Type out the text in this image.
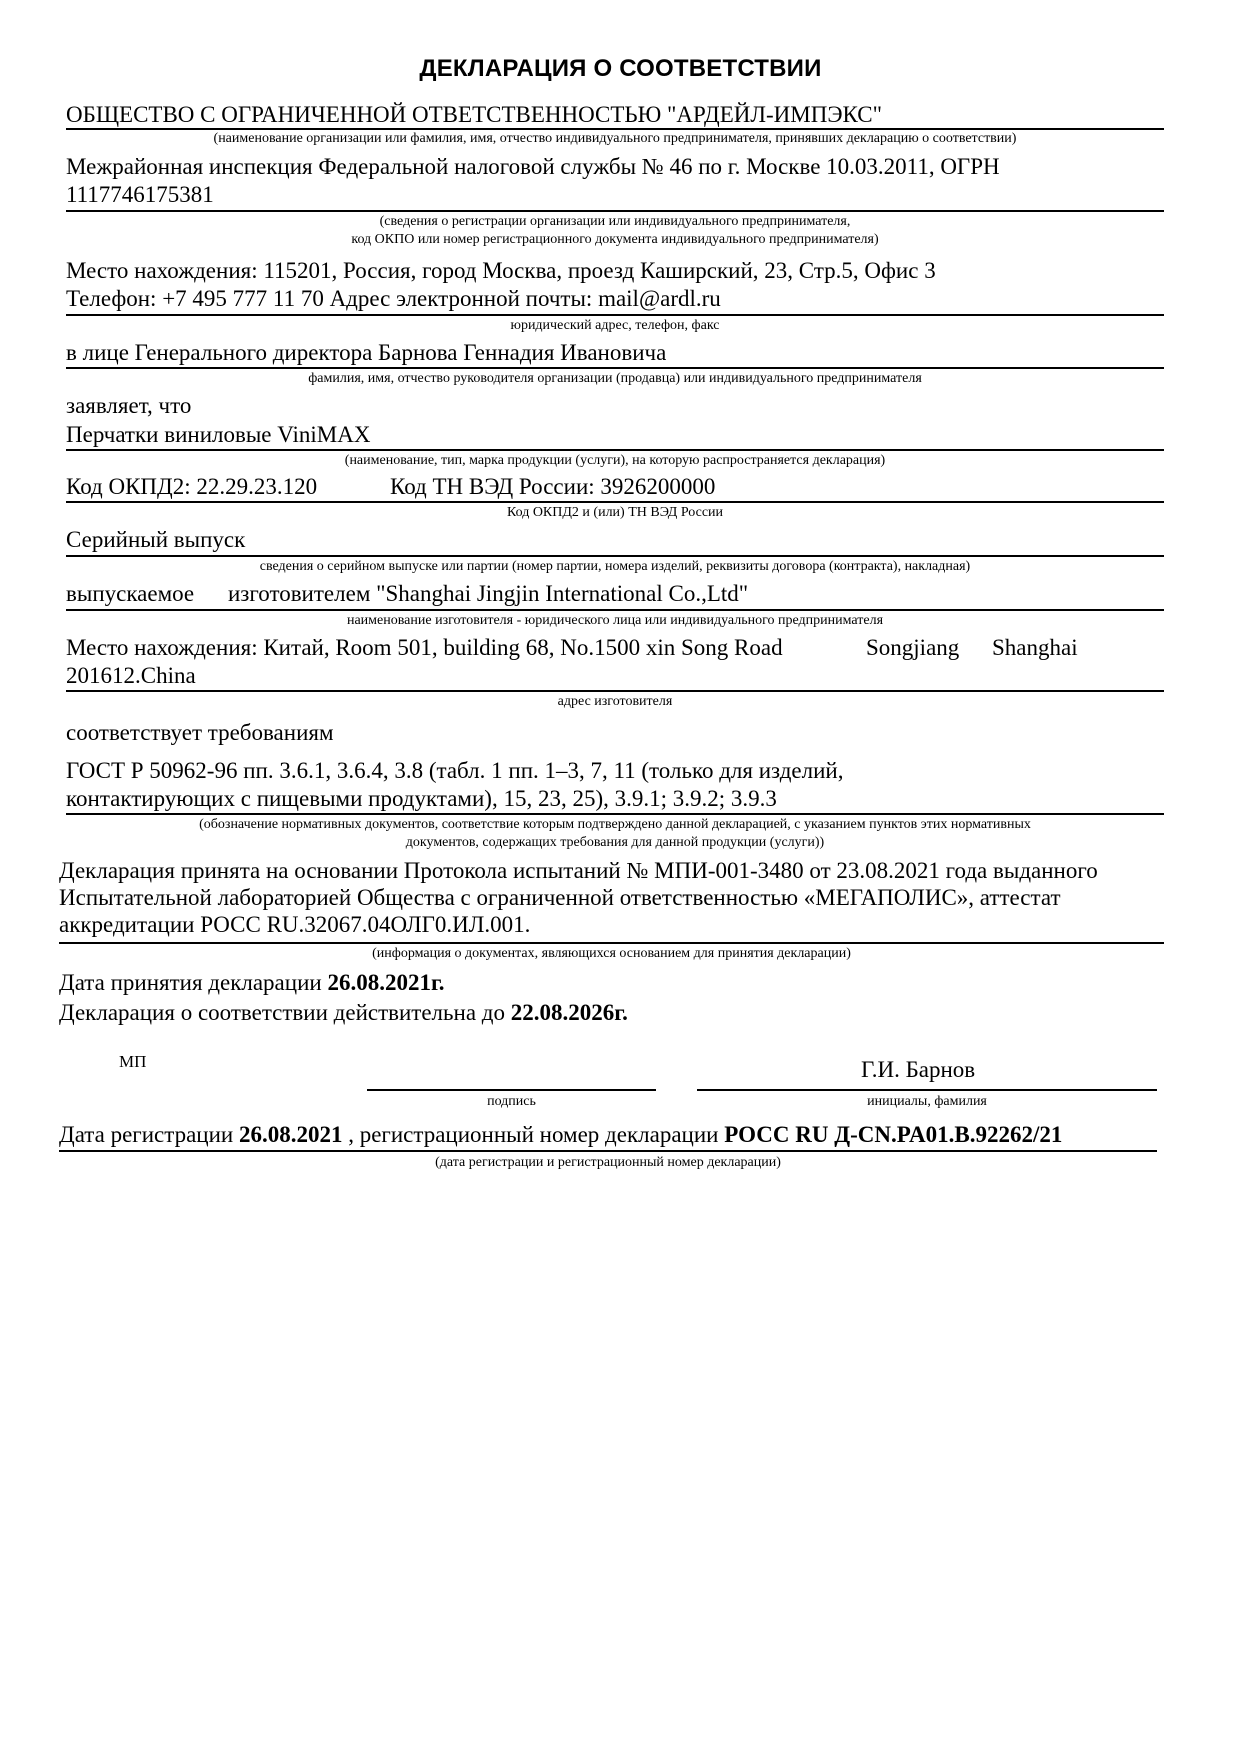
ДЕКЛАРАЦИЯ О СООТВЕТСТВИИ
ОБЩЕСТВО С ОГРАНИЧЕННОЙ ОТВЕТСТВЕННОСТЬЮ "АРДЕЙЛ-ИМПЭКС"
(наименование организации или фамилия, имя, отчество индивидуального предпринимателя, принявших декларацию о соответствии)
Межрайонная инспекция Федеральной налоговой службы № 46 по г. Москве 10.03.2011, ОГРН
1117746175381
(сведения о регистрации организации или индивидуального предпринимателя,
код ОКПО или номер регистрационного документа индивидуального предпринимателя)
Место нахождения: 115201, Россия, город Москва, проезд Каширский, 23, Стр.5, Офис 3
Телефон: +7 495 777 11 70 Адрес электронной почты: mail@ardl.ru
юридический адрес, телефон, факс
в лице Генерального директора Барнова Геннадия Ивановича
фамилия, имя, отчество руководителя организации (продавца) или индивидуального предпринимателя
заявляет, что
Перчатки виниловые ViniMAX
(наименование, тип, марка продукции (услуги), на которую распространяется декларация)
Код ОКПД2: 22.29.23.120	Код ТН ВЭД России: 3926200000
Код ОКПД2 и (или) ТН ВЭД России
Серийный выпуск
сведения о серийном выпуске или партии (номер партии, номера изделий, реквизиты договора (контракта), накладная)
выпускаемое изготовителем "Shanghai Jingjin International Co.,Ltd"
наименование изготовителя - юридического лица или индивидуального предпринимателя
Место нахождения: Китай, Room 501, building 68, No.1500 xin Song Road	Songjiang Shanghai
201612.China
адрес изготовителя
соответствует требованиям
ГОСТ Р 50962-96 пп. 3.6.1, 3.6.4, 3.8 (табл. 1 пп. 1–3, 7, 11 (только для изделий,
контактирующих с пищевыми продуктами), 15, 23, 25), 3.9.1; 3.9.2; 3.9.3
(обозначение нормативных документов, соответствие которым подтверждено данной декларацией, с указанием пунктов этих нормативных
документов, содержащих требования для данной продукции (услуги))
Декларация принята на основании Протокола испытаний № МПИ-001-3480 от 23.08.2021 года выданного
Испытательной лабораторией Общества с ограниченной ответственностью «МЕГАПОЛИС», аттестат
аккредитации РОСС RU.32067.04ОЛГ0.ИЛ.001.
(информация о документах, являющихся основанием для принятия декларации)
Дата принятия декларации 26.08.2021г.
Декларация о соответствии действительна до 22.08.2026г.
МП	Г.И. Барнов
подпись	инициалы, фамилия
Дата регистрации 26.08.2021 , регистрационный номер декларации РОСС RU Д-CN.PA01.B.92262/21
(дата регистрации и регистрационный номер декларации)
